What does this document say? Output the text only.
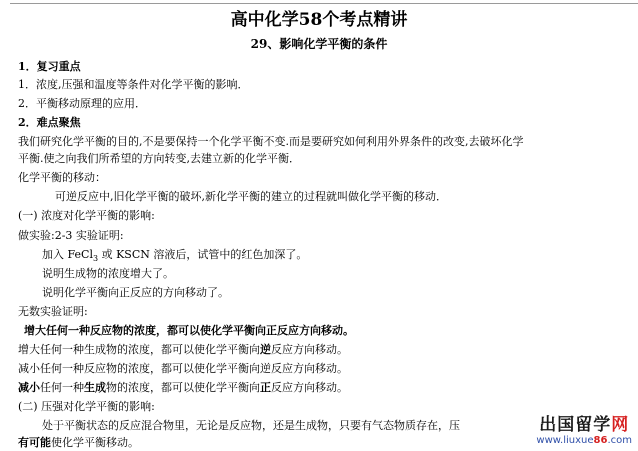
高中化学58个考点精讲
29、影响化学平衡的条件
1．复习重点
1．浓度,压强和温度等条件对化学平衡的影响．
2．平衡移动原理的应用．
2．难点聚焦
我们研究化学平衡的目的,不是要保持一个化学平衡不变.而是要研究如何利用外界条件的改变,去破坏化学
平衡.使之向我们所希望的方向转变,去建立新的化学平衡．
化学平衡的移动：
可逆反应中,旧化学平衡的破坏,新化学平衡的建立的过程就叫做化学平衡的移动．
(一) 浓度对化学平衡的影响:
做实验:2-3 实验证明:
加入 FeCl$_3$ 或 KSCN 溶液后，试管中的红色加深了。
说明生成物的浓度增大了。
说明化学平衡向正反应的方向移动了。
无数实验证明:
增大任何一种反应物的浓度，都可以使化学平衡向正反应方向移动。
增大任何一种生成物的浓度，都可以使化学平衡向逆反应方向移动。
减小任何一种反应物的浓度，都可以使化学平衡向逆反应方向移动。
减小任何一种生成物的浓度，都可以使化学平衡向正反应方向移动。
(二) 压强对化学平衡的影响:
处于平衡状态的反应混合物里，无论是反应物，还是生成物，只要有气态物质存在，压
有可能使化学平衡移动。
出国留学网
www.liuxue86.com
